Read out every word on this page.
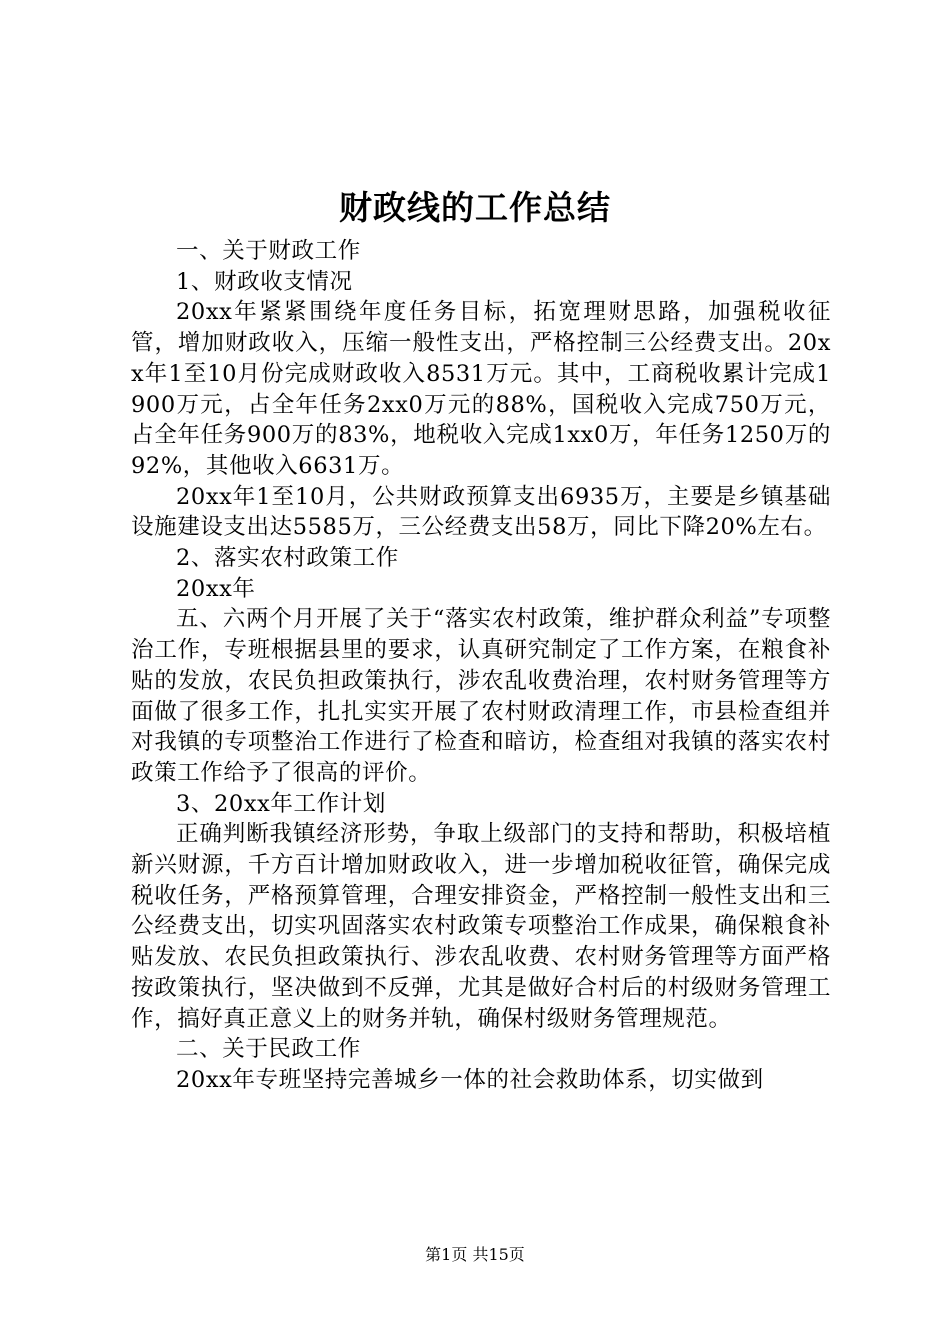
财政线的工作总结

一、关于财政工作

1、财政收支情况

20xx年紧紧围绕年度任务目标，拓宽理财思路，加强税收征管，增加财政收入，压缩一般性支出，严格控制三公经费支出。20xx年1至10月份完成财政收入8531万元。其中，工商税收累计完成1900万元，占全年任务2xx0万元的88%，国税收入完成750万元，占全年任务900万的83%，地税收入完成1xx0万，年任务1250万的92%，其他收入6631万。

20xx年1至10月，公共财政预算支出6935万，主要是乡镇基础设施建设支出达5585万，三公经费支出58万，同比下降20%左右。

2、落实农村政策工作

20xx年

五、六两个月开展了关于“落实农村政策，维护群众利益”专项整治工作，专班根据县里的要求，认真研究制定了工作方案，在粮食补贴的发放，农民负担政策执行，涉农乱收费治理，农村财务管理等方面做了很多工作，扎扎实实开展了农村财政清理工作，市县检查组并对我镇的专项整治工作进行了检查和暗访，检查组对我镇的落实农村政策工作给予了很高的评价。

3、20xx年工作计划

正确判断我镇经济形势，争取上级部门的支持和帮助，积极培植新兴财源，千方百计增加财政收入，进一步增加税收征管，确保完成税收任务，严格预算管理，合理安排资金，严格控制一般性支出和三公经费支出，切实巩固落实农村政策专项整治工作成果，确保粮食补贴发放、农民负担政策执行、涉农乱收费、农村财务管理等方面严格按政策执行，坚决做到不反弹，尤其是做好合村后的村级财务管理工作，搞好真正意义上的财务并轨，确保村级财务管理规范。

二、关于民政工作

20xx年专班坚持完善城乡一体的社会救助体系，切实做到

第1页 共15页
